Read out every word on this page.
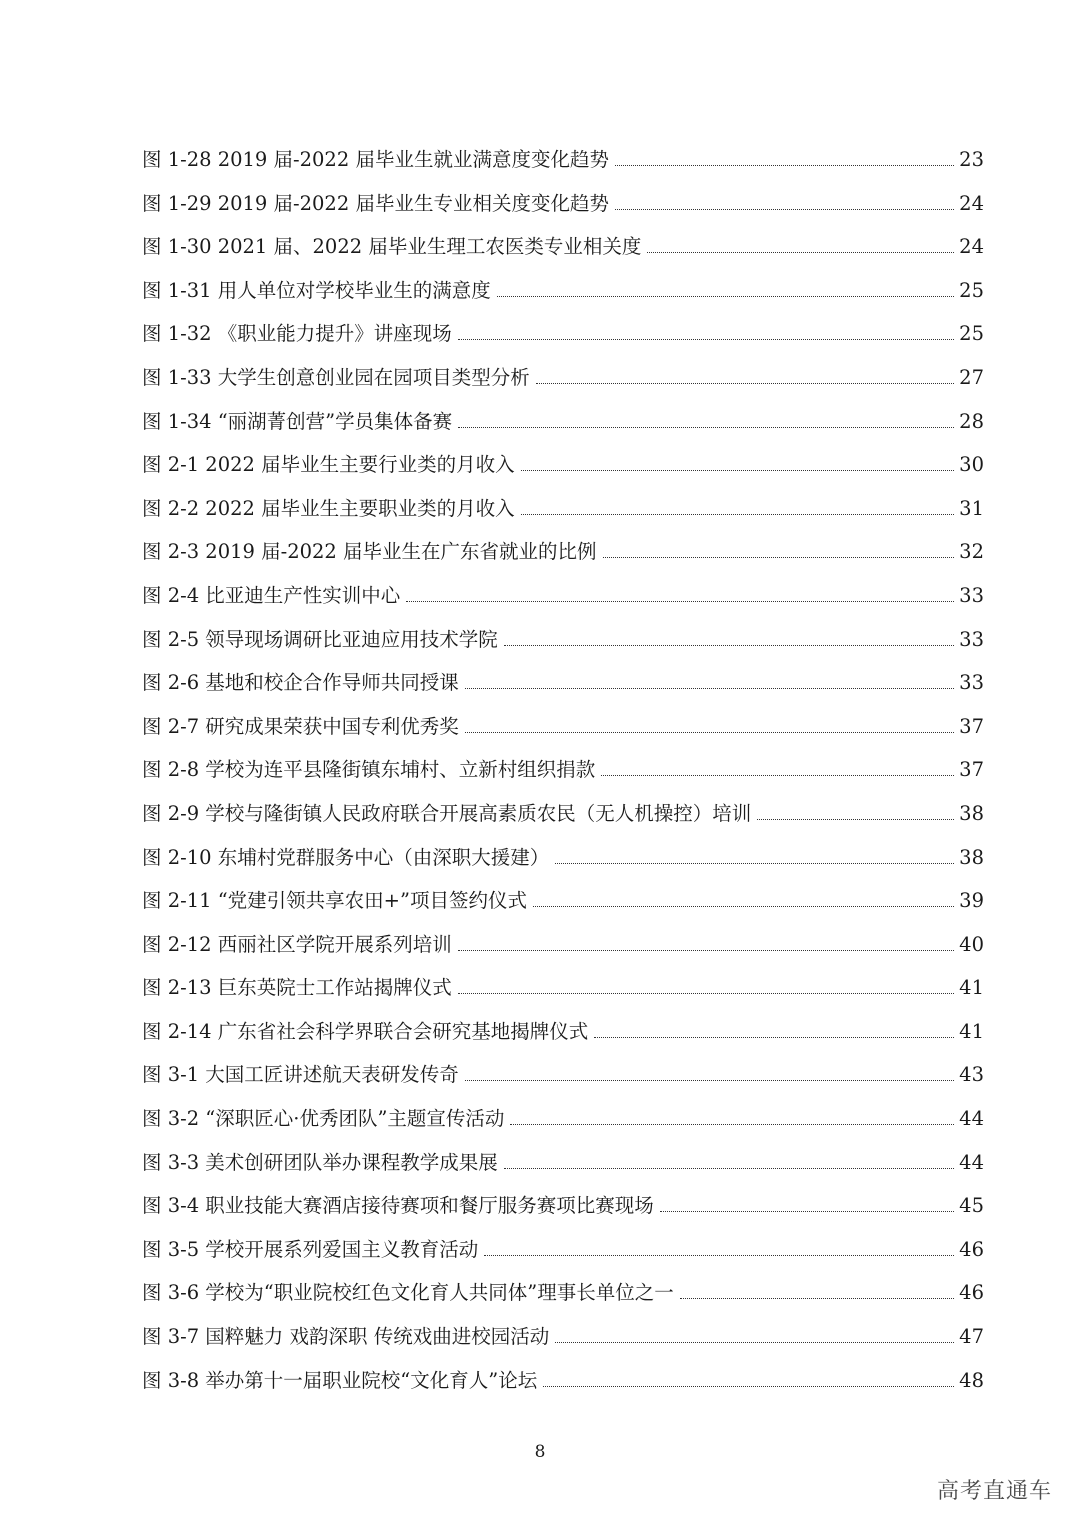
图 1-28 2019 届-2022 届毕业生就业满意度变化趋势	23
图 1-29 2019 届-2022 届毕业生专业相关度变化趋势	24
图 1-30 2021 届、2022 届毕业生理工农医类专业相关度	24
图 1-31 用人单位对学校毕业生的满意度	25
图 1-32 《职业能力提升》讲座现场	25
图 1-33 大学生创意创业园在园项目类型分析	27
图 1-34 “丽湖菁创营”学员集体备赛	28
图 2-1 2022 届毕业生主要行业类的月收入	30
图 2-2 2022 届毕业生主要职业类的月收入	31
图 2-3 2019 届-2022 届毕业生在广东省就业的比例	32
图 2-4 比亚迪生产性实训中心	33
图 2-5 领导现场调研比亚迪应用技术学院	33
图 2-6 基地和校企合作导师共同授课	33
图 2-7 研究成果荣获中国专利优秀奖	37
图 2-8 学校为连平县隆街镇东埔村、立新村组织捐款	37
图 2-9 学校与隆街镇人民政府联合开展高素质农民（无人机操控）培训	38
图 2-10 东埔村党群服务中心（由深职大援建）	38
图 2-11 “党建引领共享农田+”项目签约仪式	39
图 2-12 西丽社区学院开展系列培训	40
图 2-13 巨东英院士工作站揭牌仪式	41
图 2-14 广东省社会科学界联合会研究基地揭牌仪式	41
图 3-1 大国工匠讲述航天表研发传奇	43
图 3-2 “深职匠心·优秀团队”主题宣传活动	44
图 3-3 美术创研团队举办课程教学成果展	44
图 3-4 职业技能大赛酒店接待赛项和餐厅服务赛项比赛现场	45
图 3-5 学校开展系列爱国主义教育活动	46
图 3-6 学校为“职业院校红色文化育人共同体”理事长单位之一	46
图 3-7 国粹魅力 戏韵深职 传统戏曲进校园活动	47
图 3-8 举办第十一届职业院校“文化育人”论坛	48
8
高考直通车
